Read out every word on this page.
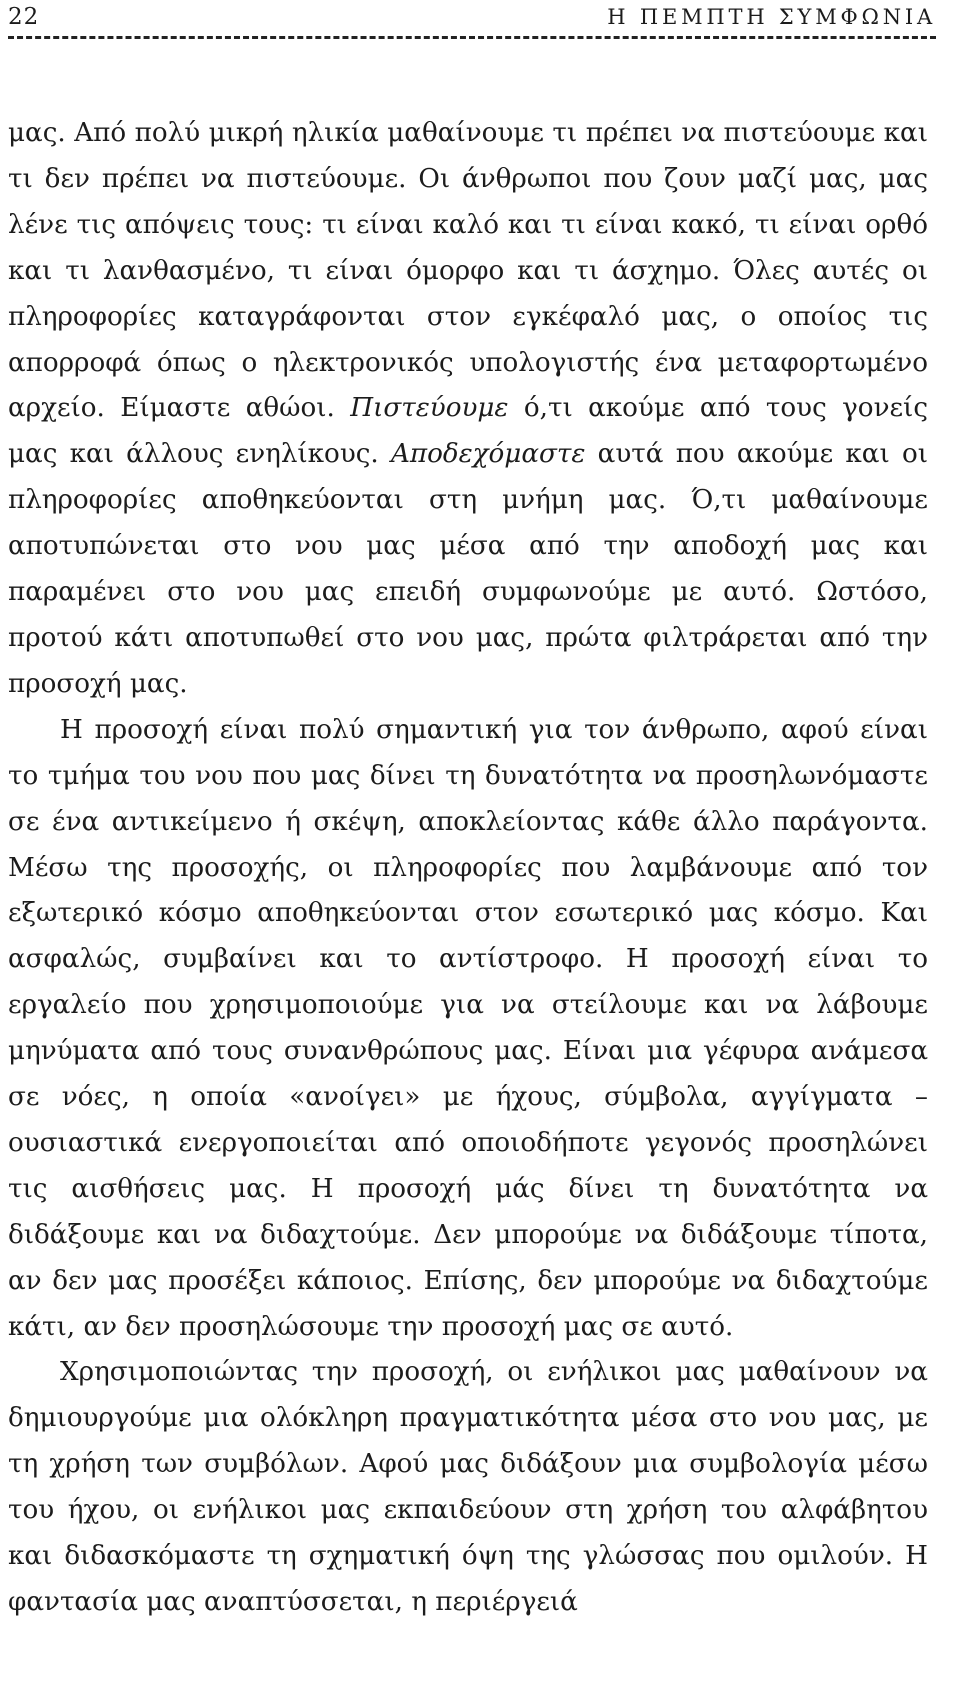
22	Η ΠΕΜΠΤΗ ΣΥΜΦΩΝΙΑ

μας. Από πολύ μικρή ηλικία μαθαίνουμε τι πρέπει να πιστεύουμε και τι δεν πρέπει να πιστεύουμε. Οι άνθρωποι που ζουν μαζί μας, μας λένε τις απόψεις τους: τι είναι καλό και τι είναι κακό, τι είναι ορθό και τι λανθασμένο, τι είναι όμορφο και τι άσχημο. Όλες αυτές οι πληροφορίες καταγράφονται στον εγκέφαλό μας, ο οποίος τις απορροφά όπως ο ηλεκτρονικός υπολογιστής ένα μεταφορτωμένο αρχείο. Είμαστε αθώοι. Πιστεύουμε ό,τι ακούμε από τους γονείς μας και άλλους ενηλίκους. Αποδεχόμαστε αυτά που ακούμε και οι πληροφορίες αποθηκεύονται στη μνήμη μας. Ό,τι μαθαίνουμε αποτυπώνεται στο νου μας μέσα από την αποδοχή μας και παραμένει στο νου μας επειδή συμφωνούμε με αυτό. Ωστόσο, προτού κάτι αποτυπωθεί στο νου μας, πρώτα φιλτράρεται από την προσοχή μας.

Η προσοχή είναι πολύ σημαντική για τον άνθρωπο, αφού είναι το τμήμα του νου που μας δίνει τη δυνατότητα να προσηλωνόμαστε σε ένα αντικείμενο ή σκέψη, αποκλείοντας κάθε άλλο παράγοντα. Μέσω της προσοχής, οι πληροφορίες που λαμβάνουμε από τον εξωτερικό κόσμο αποθηκεύονται στον εσωτερικό μας κόσμο. Και ασφαλώς, συμβαίνει και το αντίστροφο. Η προσοχή είναι το εργαλείο που χρησιμοποιούμε για να στείλουμε και να λάβουμε μηνύματα από τους συνανθρώπους μας. Είναι μια γέφυρα ανάμεσα σε νόες, η οποία «ανοίγει» με ήχους, σύμβολα, αγγίγματα – ουσιαστικά ενεργοποιείται από οποιοδήποτε γεγονός προσηλώνει τις αισθήσεις μας. Η προσοχή μάς δίνει τη δυνατότητα να διδάξουμε και να διδαχτούμε. Δεν μπορούμε να διδάξουμε τίποτα, αν δεν μας προσέξει κάποιος. Επίσης, δεν μπορούμε να διδαχτούμε κάτι, αν δεν προσηλώσουμε την προσοχή μας σε αυτό.

Χρησιμοποιώντας την προσοχή, οι ενήλικοι μας μαθαίνουν να δημιουργούμε μια ολόκληρη πραγματικότητα μέσα στο νου μας, με τη χρήση των συμβόλων. Αφού μας διδάξουν μια συμβολογία μέσω του ήχου, οι ενήλικοι μας εκπαιδεύουν στη χρήση του αλφάβητου και διδασκόμαστε τη σχηματική όψη της γλώσσας που ομιλούν. Η φαντασία μας αναπτύσσεται, η περιέργειά
